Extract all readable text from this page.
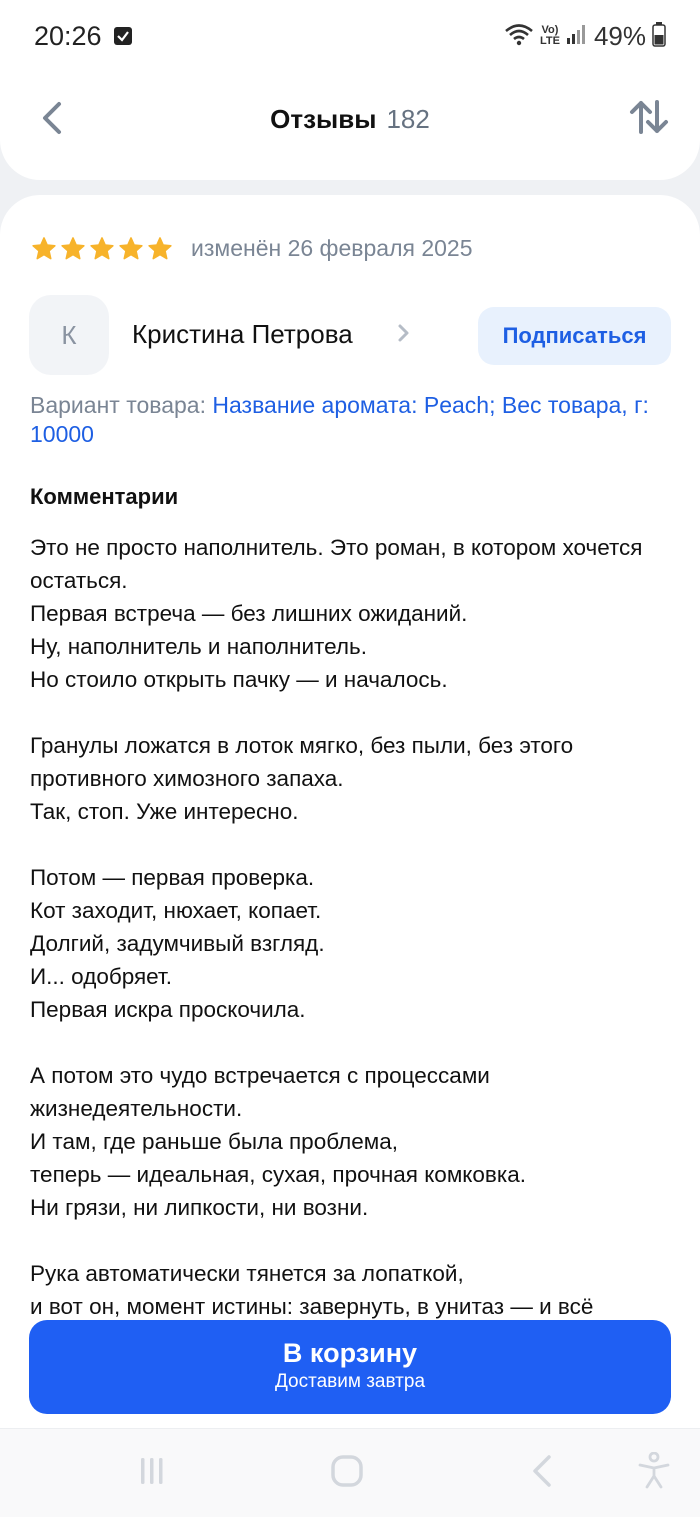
20:26	Vo)
LTE 49%
Отзывы 182
изменён 26 февраля 2025
К	Кристина Петрова	Подписаться
Вариант товара: Название аромата: Peach; Вес товара, г: 10000
Комментарии
Это не просто наполнитель. Это роман, в котором хочется остаться.
Первая встреча — без лишних ожиданий.
Ну, наполнитель и наполнитель.
Но стоило открыть пачку — и началось.

Гранулы ложатся в лоток мягко, без пыли, без этого противного химозного запаха.
Так, стоп. Уже интересно.

Потом — первая проверка.
Кот заходит, нюхает, копает.
Долгий, задумчивый взгляд.
И... одобряет.
Первая искра проскочила.

А потом это чудо встречается с процессами жизнедеятельности.
И там, где раньше была проблема,
теперь — идеальная, сухая, прочная комковка.
Ни грязи, ни липкости, ни возни.

Рука автоматически тянется за лопаткой,
и вот он, момент истины: завернуть, в унитаз — и всё
В корзину
Доставим завтра
